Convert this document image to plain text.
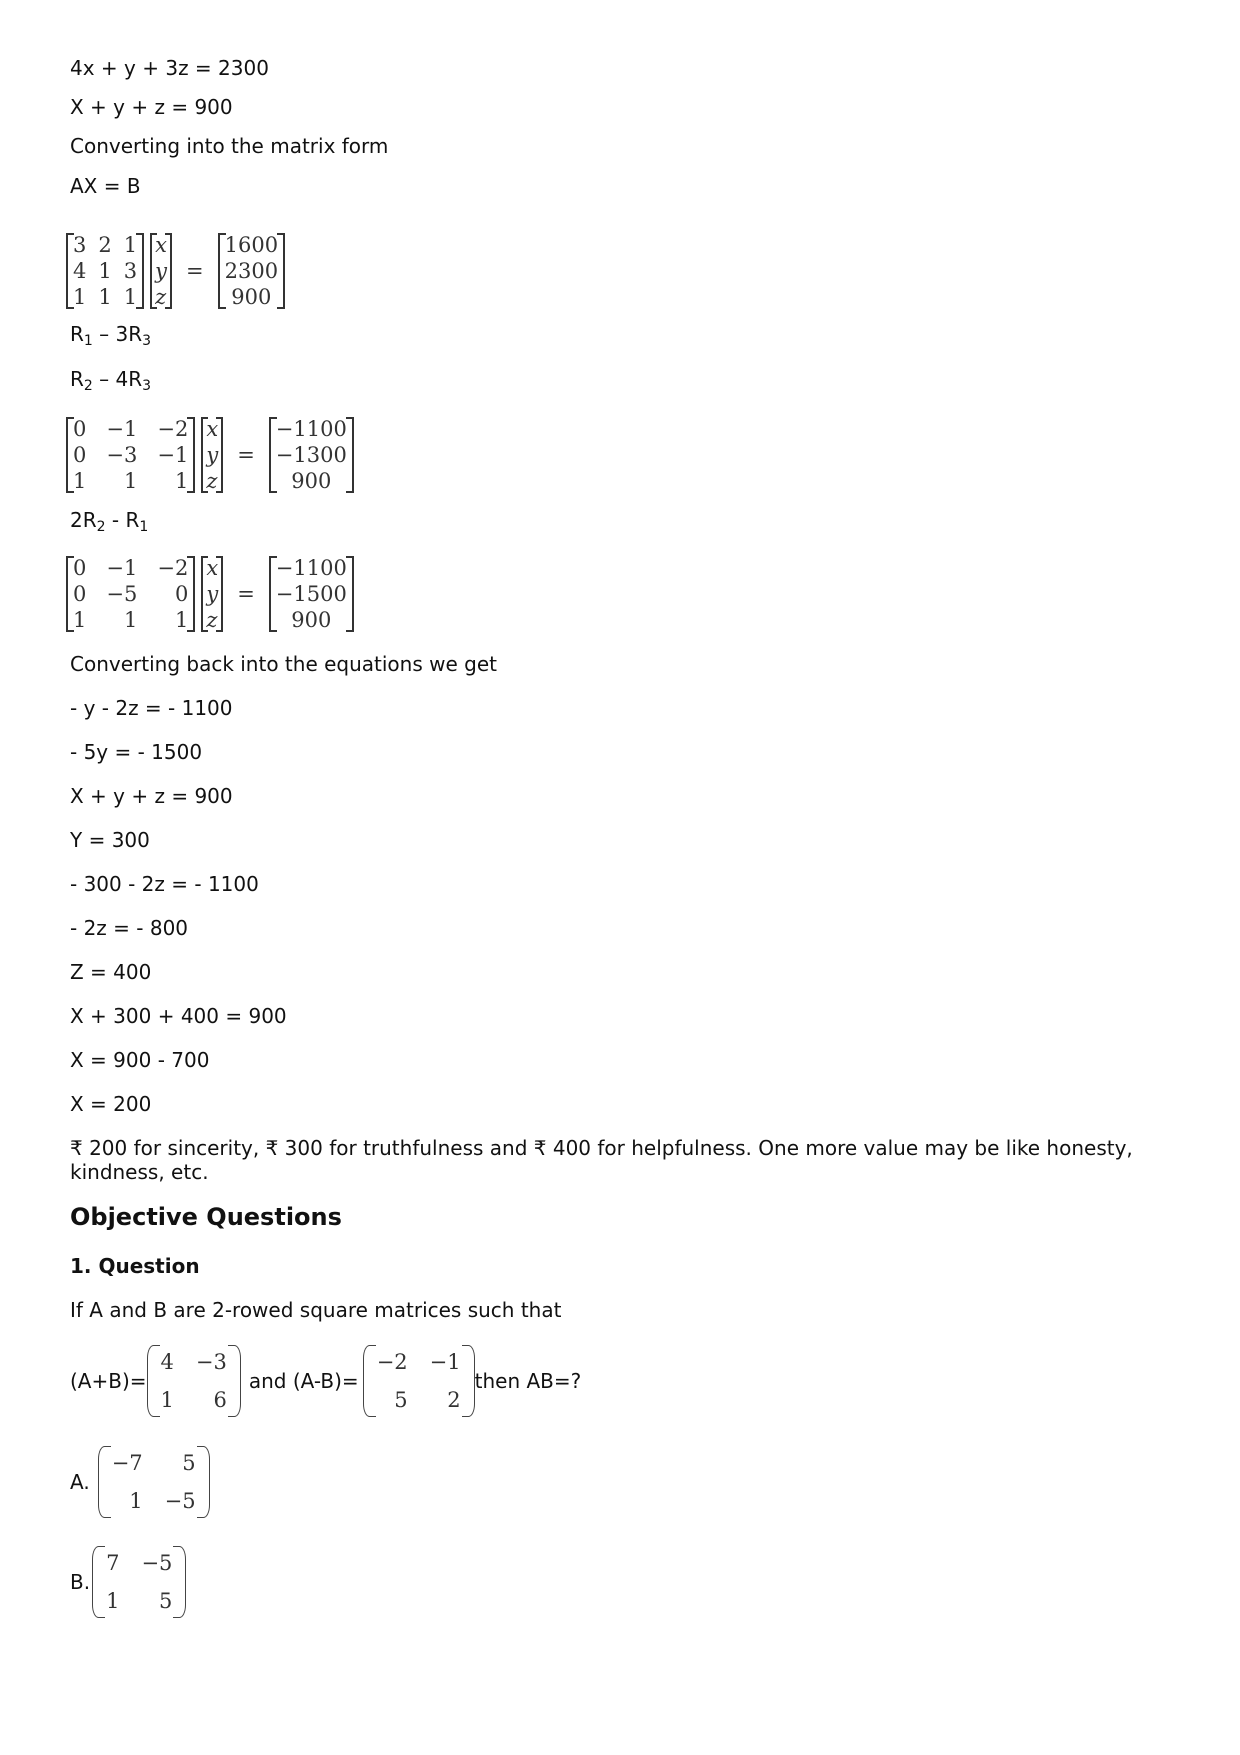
4x + y + 3z = 2300
X + y + z = 900
Converting into the matrix form
AX = B
3 2 1
4 1 3
1 1 1
x
y
z
=
1600
2300
900
$R_1 - 3R_3$
$R_2 - 4R_3$
0 −1 −2
0 −3 −1
1	1	1
x
y
z
=
−1100
−1300
900
$2R_2 - R_1$
0 −1 −2
0 −5	0
1	1	1
x
y
z
=
−1100
−1500
900
Converting back into the equations we get
- y - 2z = - 1100
- 5y = - 1500
X + y + z = 900
Y = 300
- 300 - 2z = - 1100
- 2z = - 800
Z = 400
X + 300 + 400 = 900
X = 900 - 700
X = 200
₹ 200 for sincerity, ₹ 300 for truthfulness and ₹ 400 for helpfulness. One more value may be like honesty, kindness, etc.
Objective Questions
1. Question
If A and B are 2-rowed square matrices such that
(A+B)=
4 −3
1	6
and (A-B)=
−2 −1
5	2
then AB=?
A.
−7	5
1 −5
B.
7 −5
1	5
